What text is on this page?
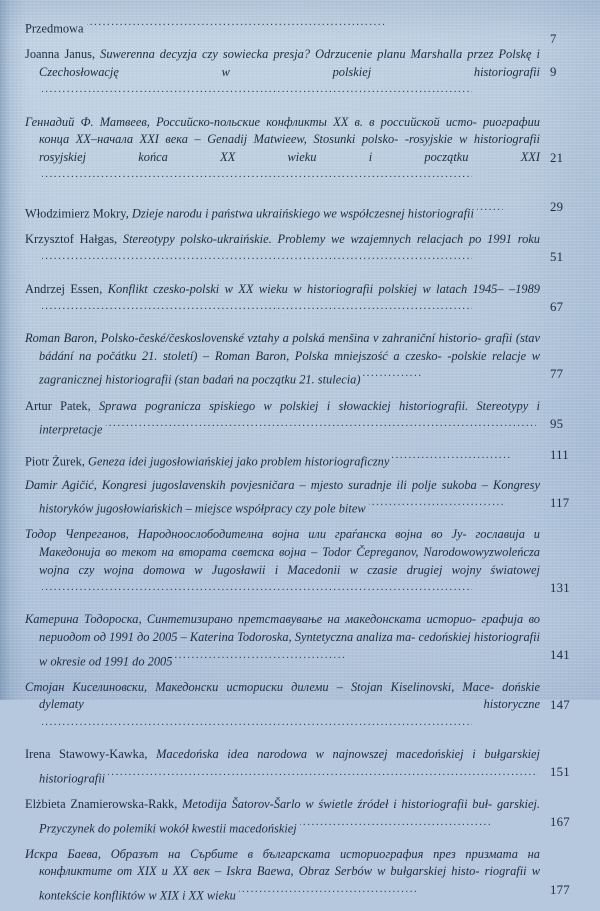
7
Przedmowa.....
9
Joanna Janus, Suwerenna decyzja czy sowiecka presja? Odrzucenie planu Marshalla przez Polskę i Czechosłowację w polskiej historiografii.....
21
Геннадий Ф. Матвеев, Российско-польские конфликты XX в. в российской исто- риографии конца XX–начала XXI века – Genadij Matwieew, Stosunki polsko- -rosyjskie w historiografii rosyjskiej końca XX wieku i początku XXI.....
29
Włodzimierz Mokry, Dzieje narodu i państwa ukraińskiego we współczesnej historiografii.....
51
Krzysztof Hałgas, Stereotypy polsko-ukraińskie. Problemy we wzajemnych relacjach po 1991 roku.....
67
Andrzej Essen, Konflikt czesko-polski w XX wieku w historiografii polskiej w latach 1945– –1989.....
77
Roman Baron, Polsko-české/československé vztahy a polská menšina v zahraniční historio- grafii (stav bádání na počátku 21. století) – Roman Baron, Polska mniejszość a czesko- -polskie relacje w zagranicznej historiografii (stan badań na początku 21. stulecia).....
95
Artur Patek, Sprawa pogranicza spiskiego w polskiej i słowackiej historiografii. Stereotypy i interpretacje.....
111
Piotr Żurek, Geneza idei jugosłowiańskiej jako problem historiograficzny.....
117
Damir Agičić, Kongresi jugoslavenskih povjesničara – mjesto suradnje ili polje sukoba – Kongresy historyków jugosłowiańskich – miejsce współpracy czy pole bitew.....
131
Тодор Чепреганов, Народноослободителна војна или граѓанска војна во Ју- гославија и Македонија во текот на втората светска војна – Todor Čepreganov, Narodowowyzwoleńcza wojna czy wojna domowa w Jugosławii i Macedonii w czasie drugiej wojny światowej.....
141
Катерина Тодороска, Синтетизирано претставување на македонската историо- графија во периодот од 1991 до 2005 – Katerina Todoroska, Syntetyczna analiza ma- cedońskiej historiografii w okresie od 1991 do 2005.....
147
Стојан Киселиновски, Македонски историски дилеми – Stojan Kiselinovski, Mace- dońskie dylematy historyczne.....
151
Irena Stawowy-Kawka, Macedońska idea narodowa w najnowszej macedońskiej i bułgarskiej historiografii.....
167
Elżbieta Znamierowska-Rakk, Metodija Šatorov-Šarlo w świetle źródeł i historiografii buł- garskiej. Przyczynek do polemiki wokół kwestii macedońskiej.....
177
Искра Баева, Образът на Сърбите в българската историография през призмата на конфликтите от XIX и XX век – Iskra Baewa, Obraz Serbów w bułgarskiej histo- riografii w kontekście konfliktów w XIX i XX wieku.....
